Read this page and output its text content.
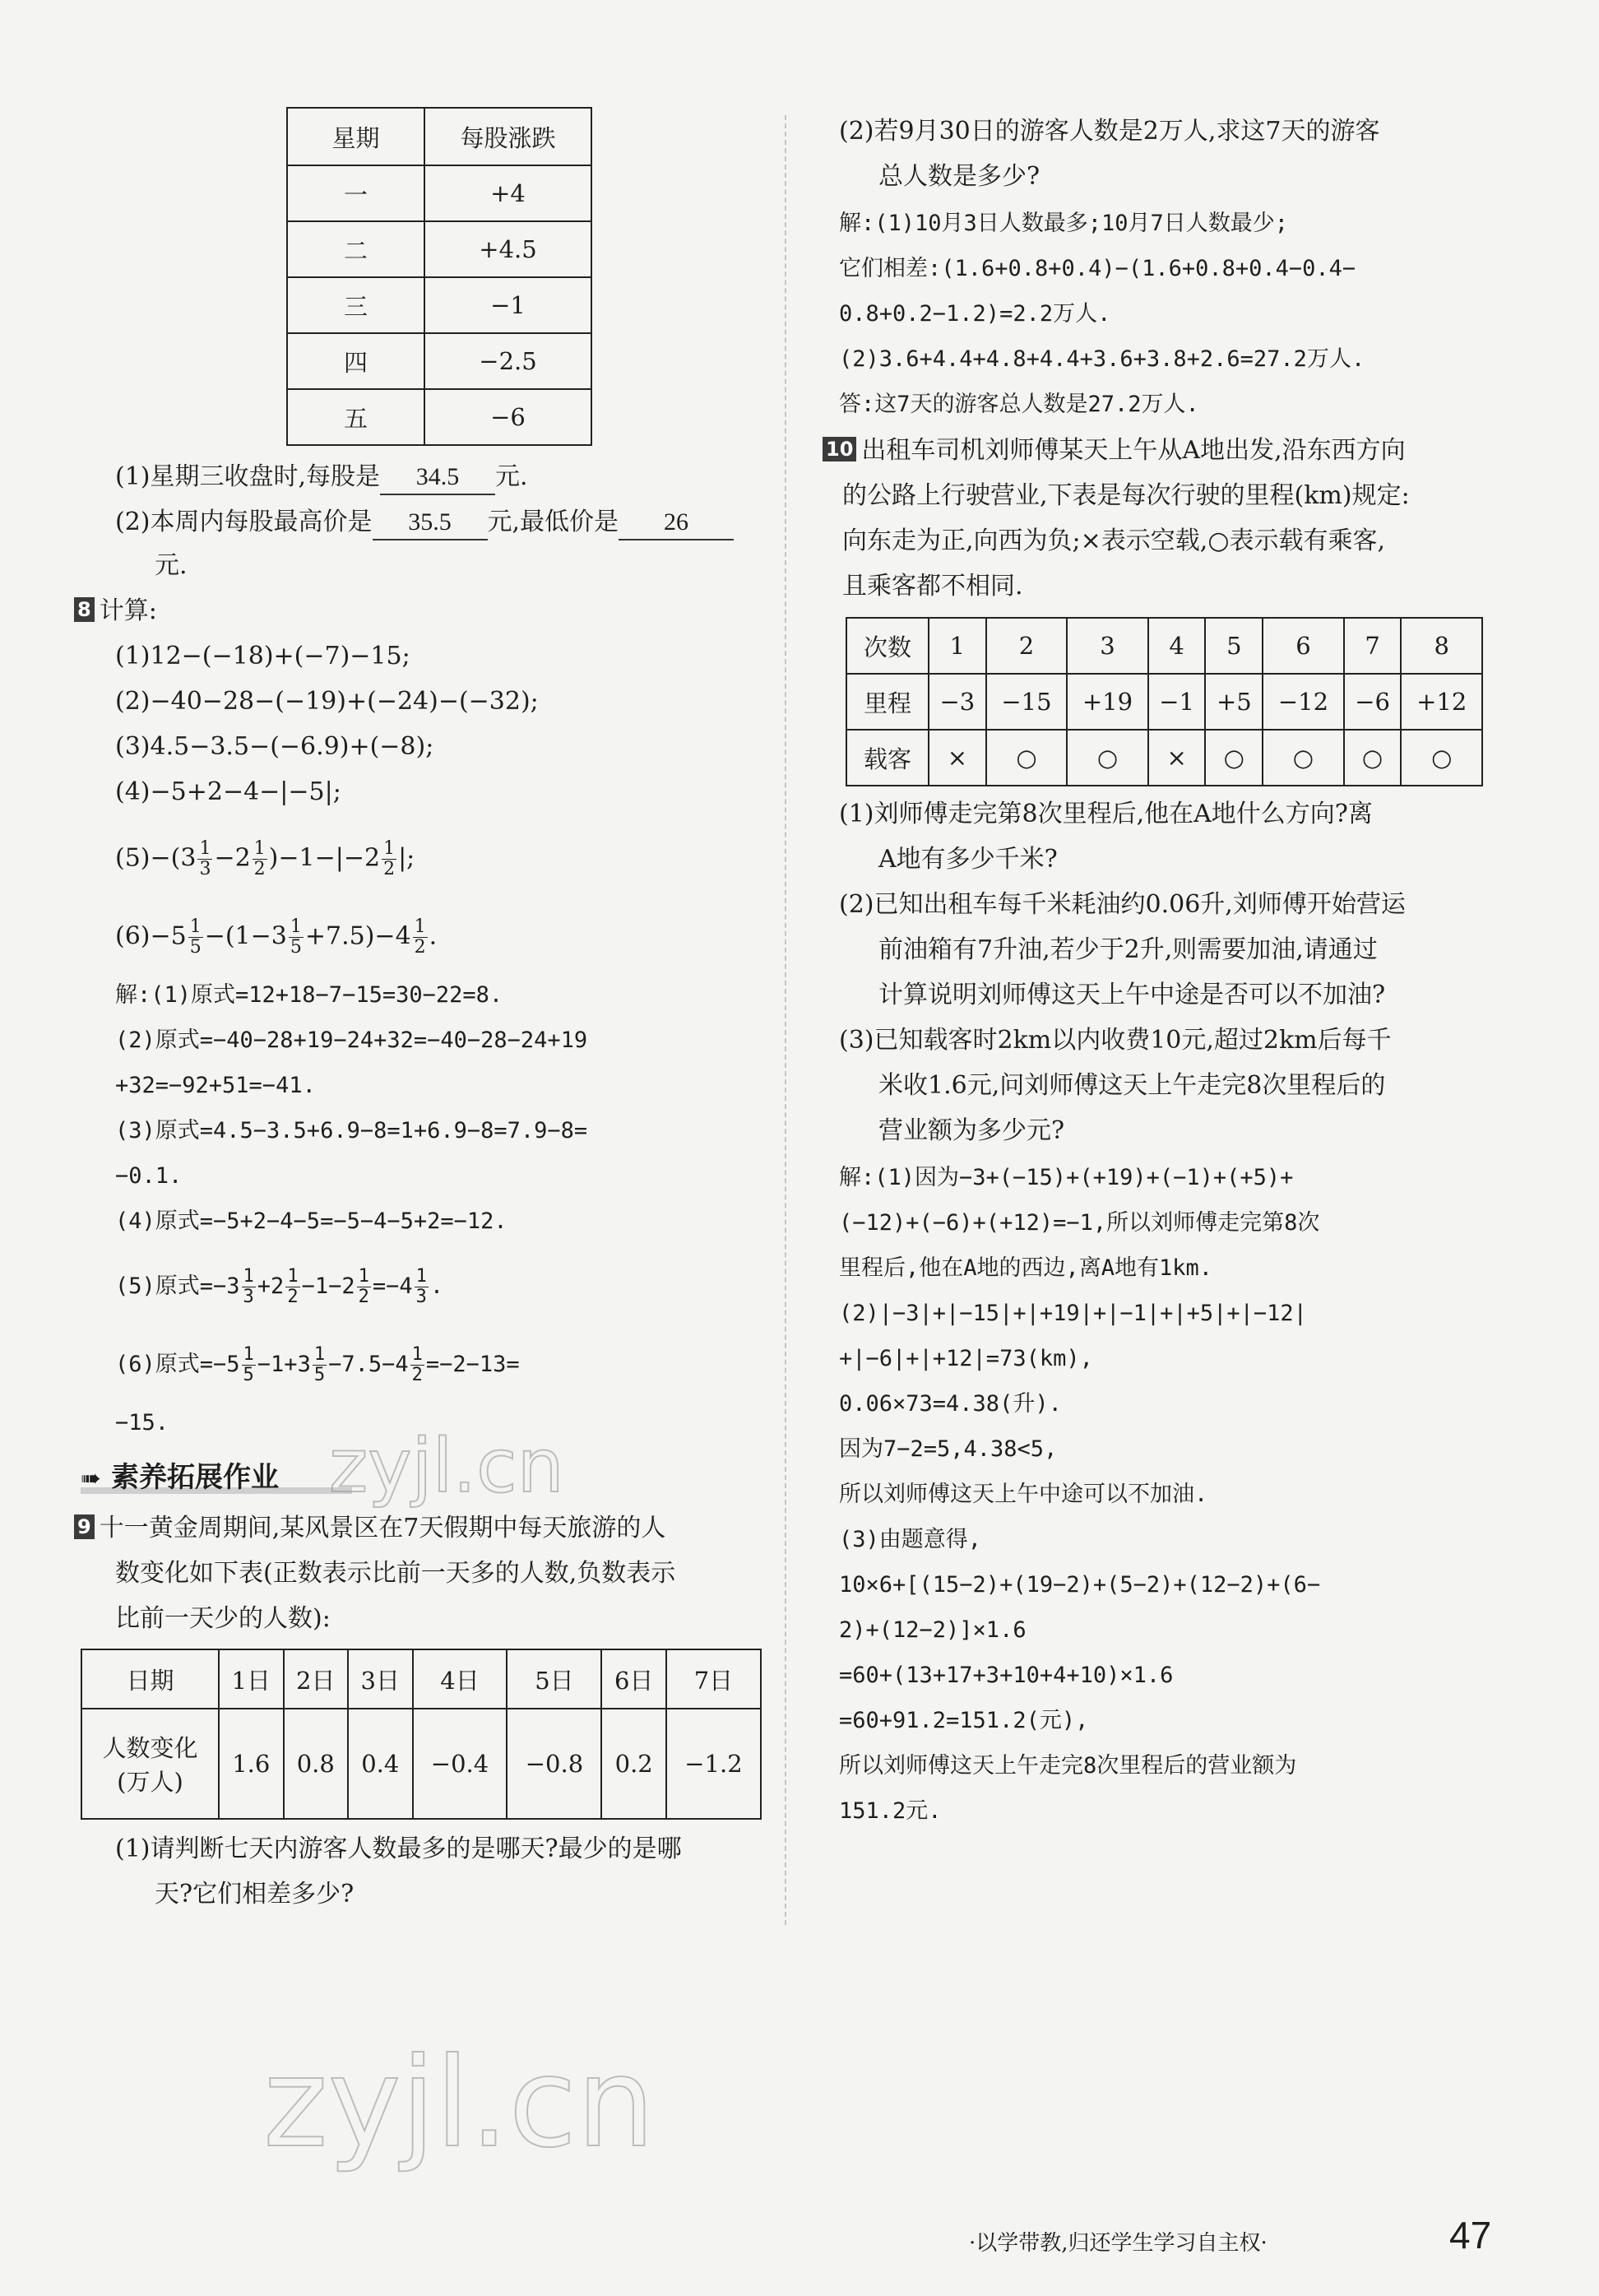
星期	每股涨跌
一	+4
二	+4.5
三	−1
四	−2.5
五	−6
(1)星期三收盘时,每股是 34.5 元.
(2)本周内每股最高价是 35.5 元,最低价是 26
元.
8 计算:
(1)12−(−18)+(−7)−15;
(2)−40−28−(−19)+(−24)−(−32);
(3)4.5−3.5−(−6.9)+(−8);
(4)−5+2−4−|−5|;
$(5)-(3 \frac{1}{3} -2 \frac{1}{2} )-1-|-2 \frac{1}{2}$ |;
$(6)-5 \frac{1}{5} -(1-3 \frac{1}{5} +7.5)-4 \frac{1}{2}$ .
解:(1)原式=12+18−7−15=30−22=8.
(2)原式=−40−28+19−24+32=−40−28−24+19
+32=−92+51=−41.
(3)原式=4.5−3.5+6.9−8=1+6.9−8=7.9−8=
−0.1.
(4)原式=−5+2−4−5=−5−4−5+2=−12.
(5)原式$=-3 \frac{1}{3} +2 \frac{1}{2} -1-2 \frac{1}{2} =-4 \frac{1}{3}$ .
(6)原式$=-5 \frac{1}{5} -1+3 \frac{1}{5} -7.5-4 \frac{1}{2} =-2-13=$
−15.
➠ 素养拓展作业
9 十一黄金周期间,某风景区在7天假期中每天旅游的人
数变化如下表(正数表示比前一天多的人数,负数表示
比前一天少的人数):
日期	1日	2日	3日	4日	5日	6日	7日

人数变化
(万人)	1.6	0.8	0.4	−0.4	−0.8	0.2	−1.2
(1)请判断七天内游客人数最多的是哪天?最少的是哪
天?它们相差多少?
(2)若9月30日的游客人数是2万人,求这7天的游客
总人数是多少?
解:(1)10月3日人数最多;10月7日人数最少;
它们相差:(1.6+0.8+0.4)−(1.6+0.8+0.4−0.4−
0.8+0.2−1.2)=2.2万人.
(2)3.6+4.4+4.8+4.4+3.6+3.8+2.6=27.2万人.
答:这7天的游客总人数是27.2万人.
10 出租车司机刘师傅某天上午从A地出发,沿东西方向
的公路上行驶营业,下表是每次行驶的里程(km)规定:
向东走为正,向西为负;×表示空载,○表示载有乘客,
且乘客都不相同.
次数	1	2	3	4	5	6	7	8
里程	−3	−15	+19	−1	+5	−12	−6	+12
载客	×	○	○	×	○	○	○	○
(1)刘师傅走完第8次里程后,他在A地什么方向?离
A地有多少千米?
(2)已知出租车每千米耗油约0.06升,刘师傅开始营运
前油箱有7升油,若少于2升,则需要加油,请通过
计算说明刘师傅这天上午中途是否可以不加油?
(3)已知载客时2km以内收费10元,超过2km后每千
米收1.6元,问刘师傅这天上午走完8次里程后的
营业额为多少元?
解:(1)因为−3+(−15)+(+19)+(−1)+(+5)+
(−12)+(−6)+(+12)=−1,所以刘师傅走完第8次
里程后,他在A地的西边,离A地有1km.
(2)|−3|+|−15|+|+19|+|−1|+|+5|+|−12|
+|−6|+|+12|=73(km),
0.06×73=4.38(升).
因为7−2=5,4.38<5,
所以刘师傅这天上午中途可以不加油.
(3)由题意得,
10×6+[(15−2)+(19−2)+(5−2)+(12−2)+(6−
2)+(12−2)]×1.6
=60+(13+17+3+10+4+10)×1.6
=60+91.2=151.2(元),
所以刘师傅这天上午走完8次里程后的营业额为
151.2元.
zyjl.cn
zyjl.cn
·以学带教,归还学生学习自主权·	47
